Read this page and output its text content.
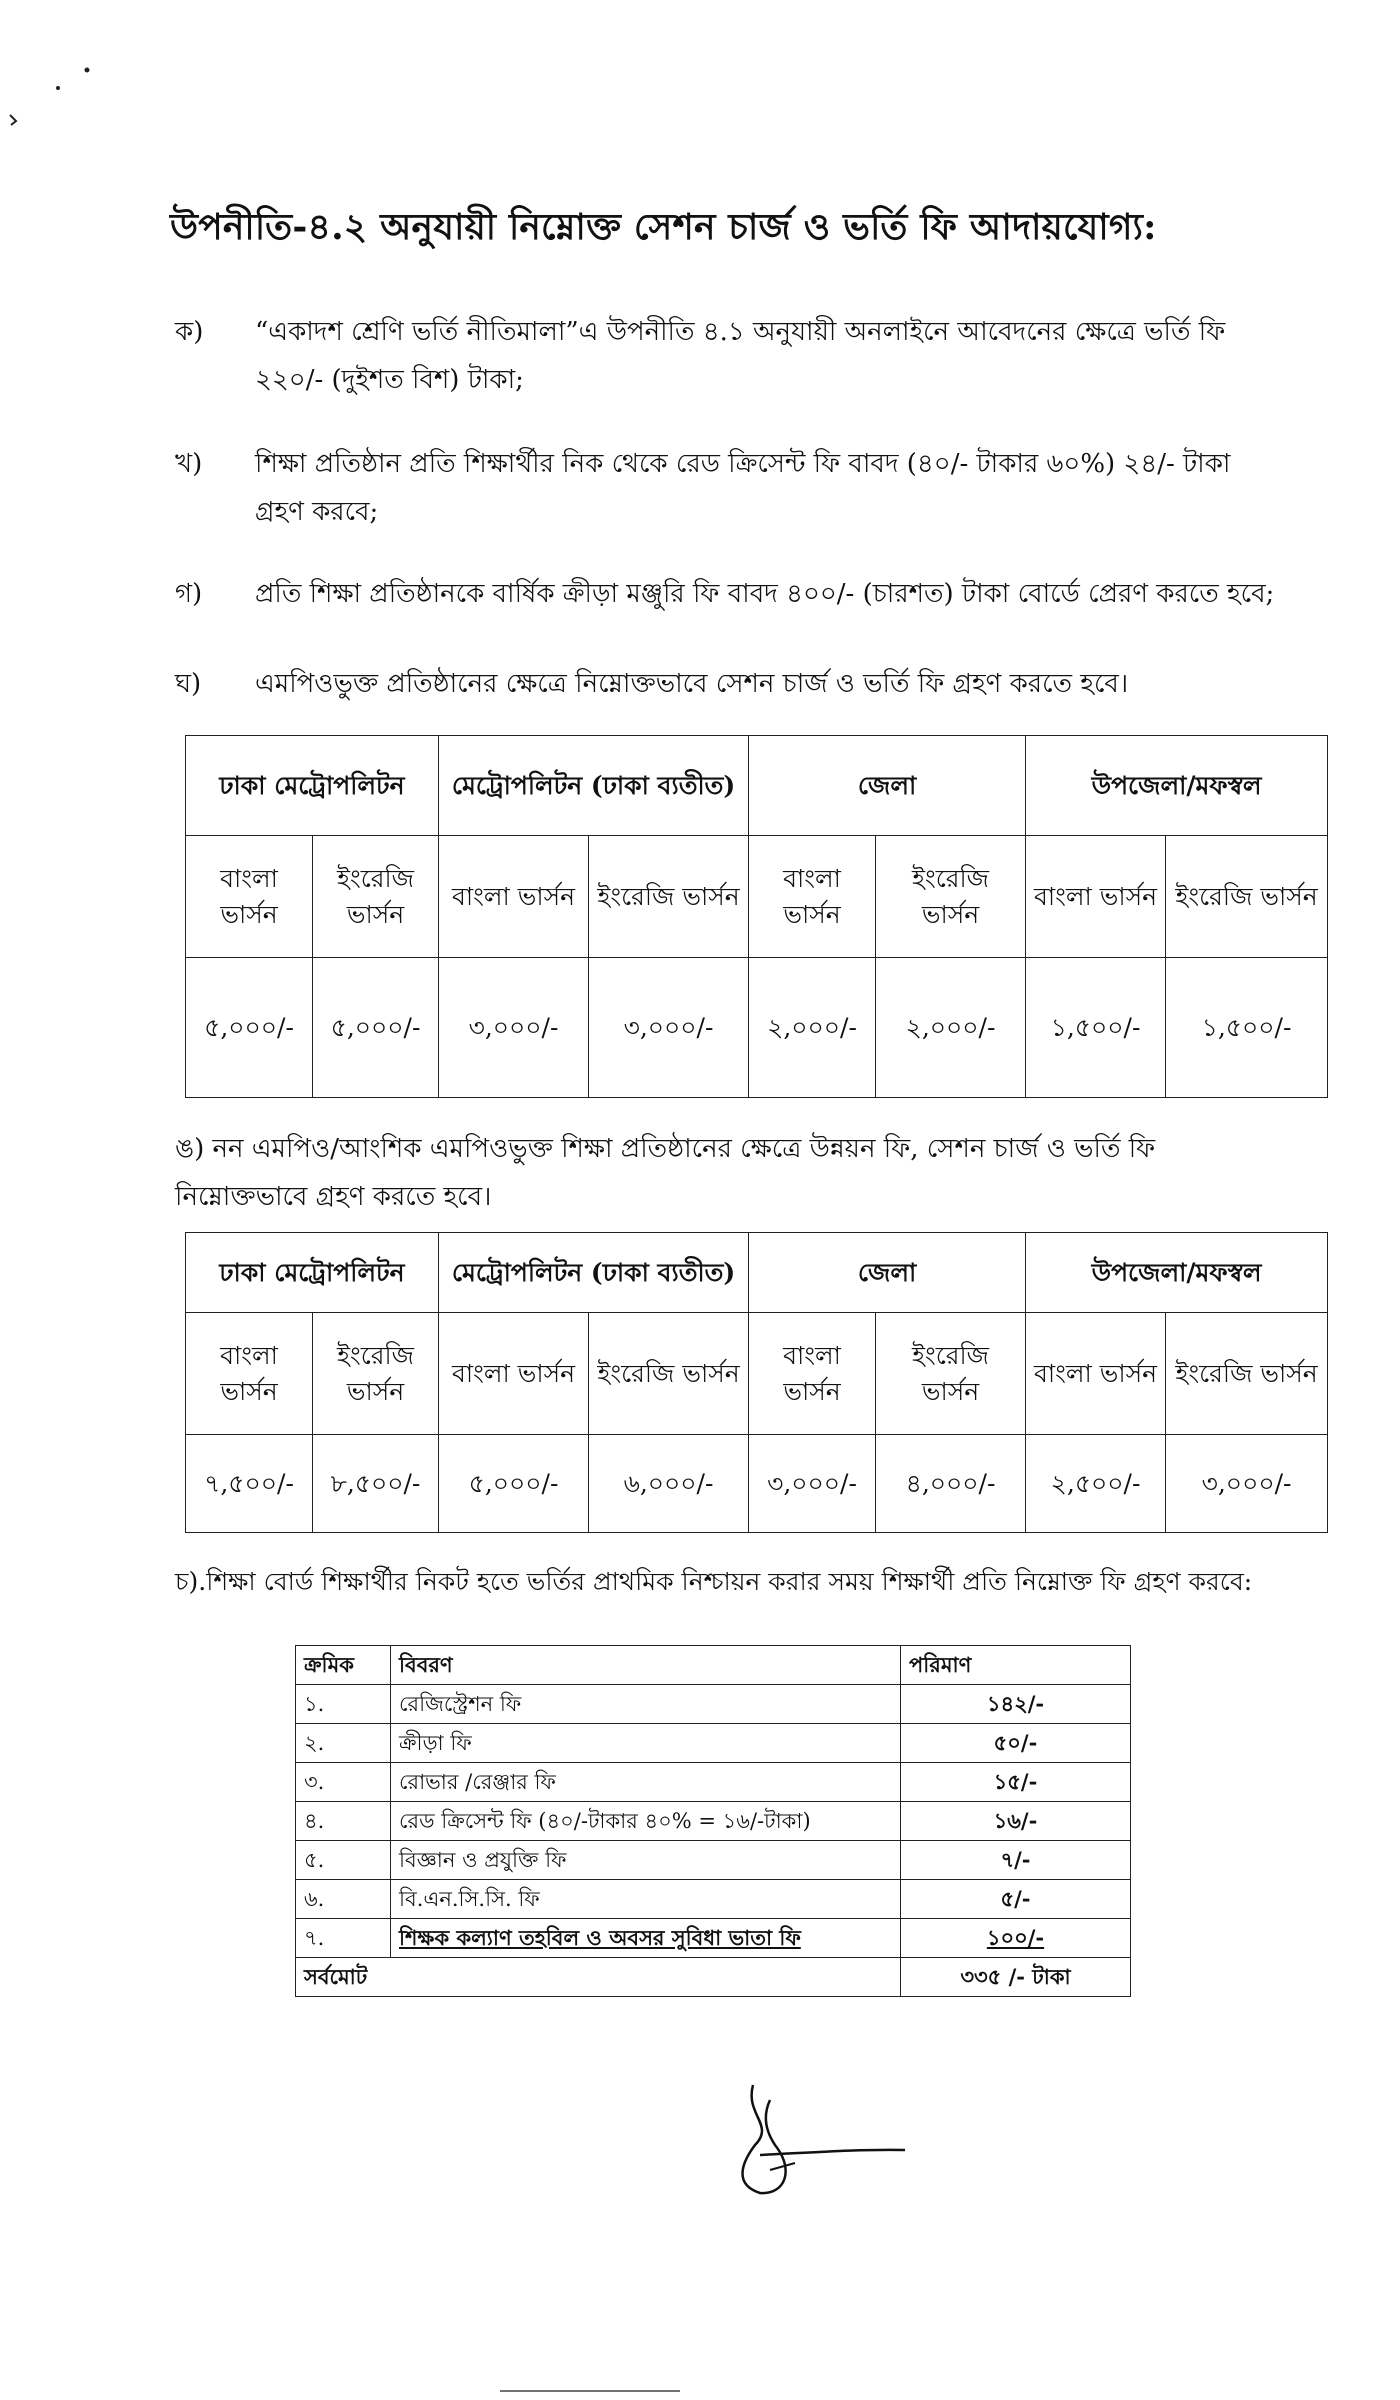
উপনীতি-৪.২ অনুযায়ী নিম্নোক্ত সেশন চার্জ ও ভর্তি ফি আদায়যোগ্য:
ক)	“একাদশ শ্রেণি ভর্তি নীতিমালা”এ উপনীতি ৪.১ অনুযায়ী অনলাইনে আবেদনের ক্ষেত্রে ভর্তি ফি ২২০/- (দুইশত বিশ) টাকা;
খ)	শিক্ষা প্রতিষ্ঠান প্রতি শিক্ষার্থীর নিক থেকে রেড ক্রিসেন্ট ফি বাবদ (৪০/- টাকার ৬০%) ২৪/- টাকা গ্রহণ করবে;
গ)	প্রতি শিক্ষা প্রতিষ্ঠানকে বার্ষিক ক্রীড়া মঞ্জুরি ফি বাবদ ৪০০/- (চারশত) টাকা বোর্ডে প্রেরণ করতে হবে;
ঘ)	এমপিওভুক্ত প্রতিষ্ঠানের ক্ষেত্রে নিম্নোক্তভাবে সেশন চার্জ ও ভর্তি ফি গ্রহণ করতে হবে।
ঢাকা মেট্রোপলিটন		মেট্রোপলিটন (ঢাকা ব্যতীত)		জেলা		উপজেলা/মফস্বল	
বাংলা ভার্সন	ইংরেজি ভার্সন	বাংলা ভার্সন	ইংরেজি ভার্সন	বাংলা ভার্সন	ইংরেজি ভার্সন	বাংলা ভার্সন	ইংরেজি ভার্সন
৫,০০০/-	৫,০০০/-	৩,০০০/-	৩,০০০/-	২,০০০/-	২,০০০/-	১,৫০০/-	১,৫০০/-
ঙ) নন এমপিও/আংশিক এমপিওভুক্ত শিক্ষা প্রতিষ্ঠানের ক্ষেত্রে উন্নয়ন ফি, সেশন চার্জ ও ভর্তি ফি নিম্নোক্তভাবে গ্রহণ করতে হবে।
ঢাকা মেট্রোপলিটন		মেট্রোপলিটন (ঢাকা ব্যতীত)		জেলা		উপজেলা/মফস্বল	
বাংলা ভার্সন	ইংরেজি ভার্সন	বাংলা ভার্সন	ইংরেজি ভার্সন	বাংলা ভার্সন	ইংরেজি ভার্সন	বাংলা ভার্সন	ইংরেজি ভার্সন
৭,৫০০/-	৮,৫০০/-	৫,০০০/-	৬,০০০/-	৩,০০০/-	৪,০০০/-	২,৫০০/-	৩,০০০/-
চ).শিক্ষা বোর্ড শিক্ষার্থীর নিকট হতে ভর্তির প্রাথমিক নিশ্চায়ন করার সময় শিক্ষার্থী প্রতি নিম্নোক্ত ফি গ্রহণ করবে:
ক্রমিক	বিবরণ	পরিমাণ
১.	রেজিস্ট্রেশন ফি	১৪২/-
২.	ক্রীড়া ফি	৫০/-
৩.	রোভার /রেঞ্জার ফি	১৫/-
৪.	রেড ক্রিসেন্ট ফি (৪০/-টাকার ৪০% = ১৬/-টাকা)	১৬/-
৫.	বিজ্ঞান ও প্রযুক্তি ফি	৭/-
৬.	বি.এন.সি.সি. ফি	৫/-
৭.	শিক্ষক কল্যাণ তহবিল ও অবসর সুবিধা ভাতা ফি	১০০/-
সর্বমোট		৩৩৫ /- টাকা
